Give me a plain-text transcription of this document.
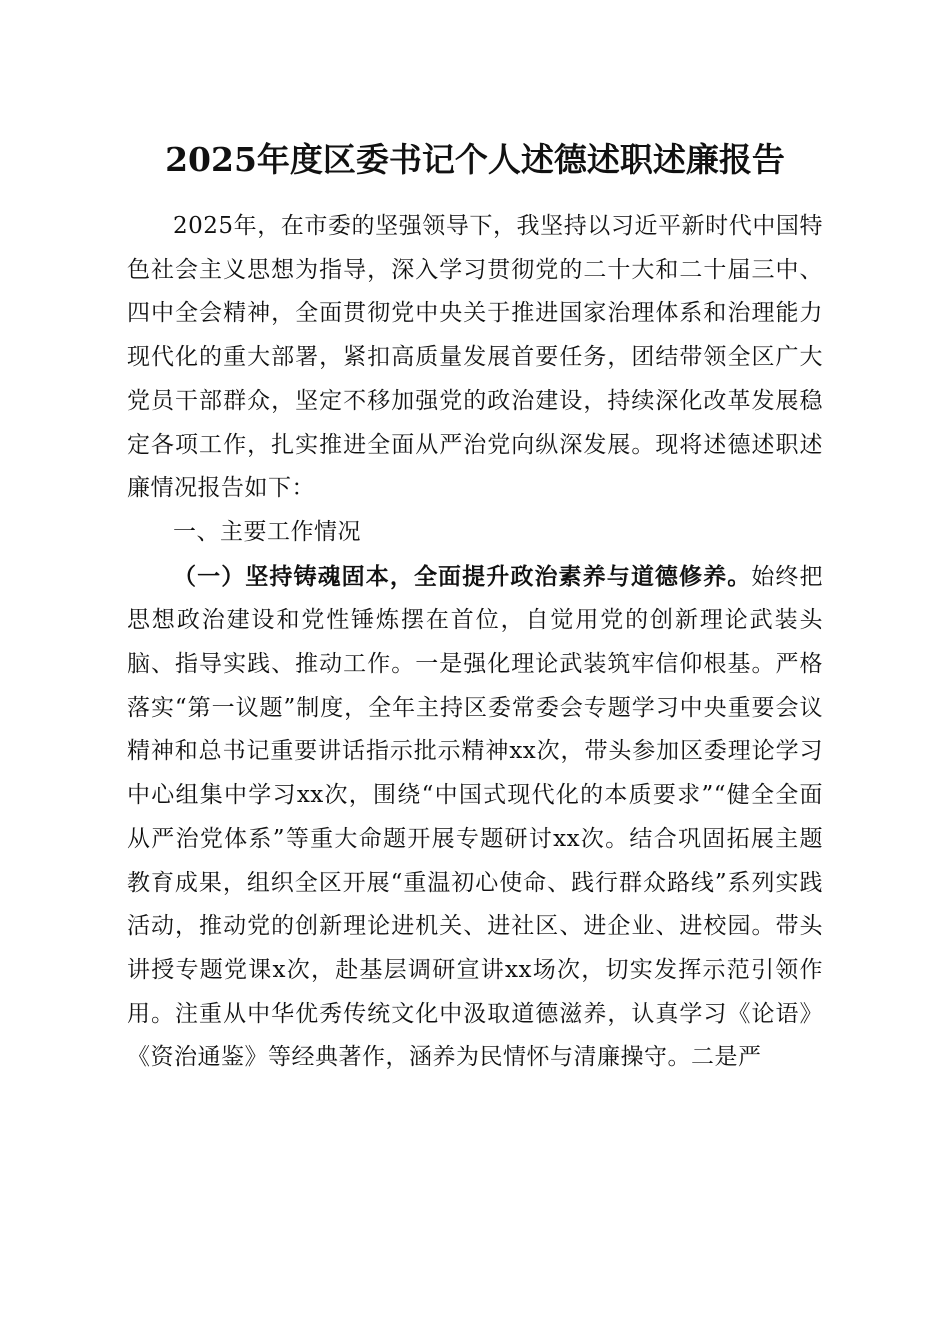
2025年度区委书记个人述德述职述廉报告

2025年，在市委的坚强领导下，我坚持以习近平新时代中国特色社会主义思想为指导，深入学习贯彻党的二十大和二十届三中、四中全会精神，全面贯彻党中央关于推进国家治理体系和治理能力现代化的重大部署，紧扣高质量发展首要任务，团结带领全区广大党员干部群众，坚定不移加强党的政治建设，持续深化改革发展稳定各项工作，扎实推进全面从严治党向纵深发展。现将述德述职述廉情况报告如下：

一、主要工作情况

（一）坚持铸魂固本，全面提升政治素养与道德修养。始终把思想政治建设和党性锤炼摆在首位，自觉用党的创新理论武装头脑、指导实践、推动工作。一是强化理论武装筑牢信仰根基。严格落实“第一议题”制度，全年主持区委常委会专题学习中央重要会议精神和总书记重要讲话指示批示精神xx次，带头参加区委理论学习中心组集中学习xx次，围绕“中国式现代化的本质要求”“健全全面从严治党体系”等重大命题开展专题研讨xx次。结合巩固拓展主题教育成果，组织全区开展“重温初心使命、践行群众路线”系列实践活动，推动党的创新理论进机关、进社区、进企业、进校园。带头讲授专题党课x次，赴基层调研宣讲xx场次，切实发挥示范引领作用。注重从中华优秀传统文化中汲取道德滋养，认真学习《论语》《资治通鉴》等经典著作，涵养为民情怀与清廉操守。二是严
